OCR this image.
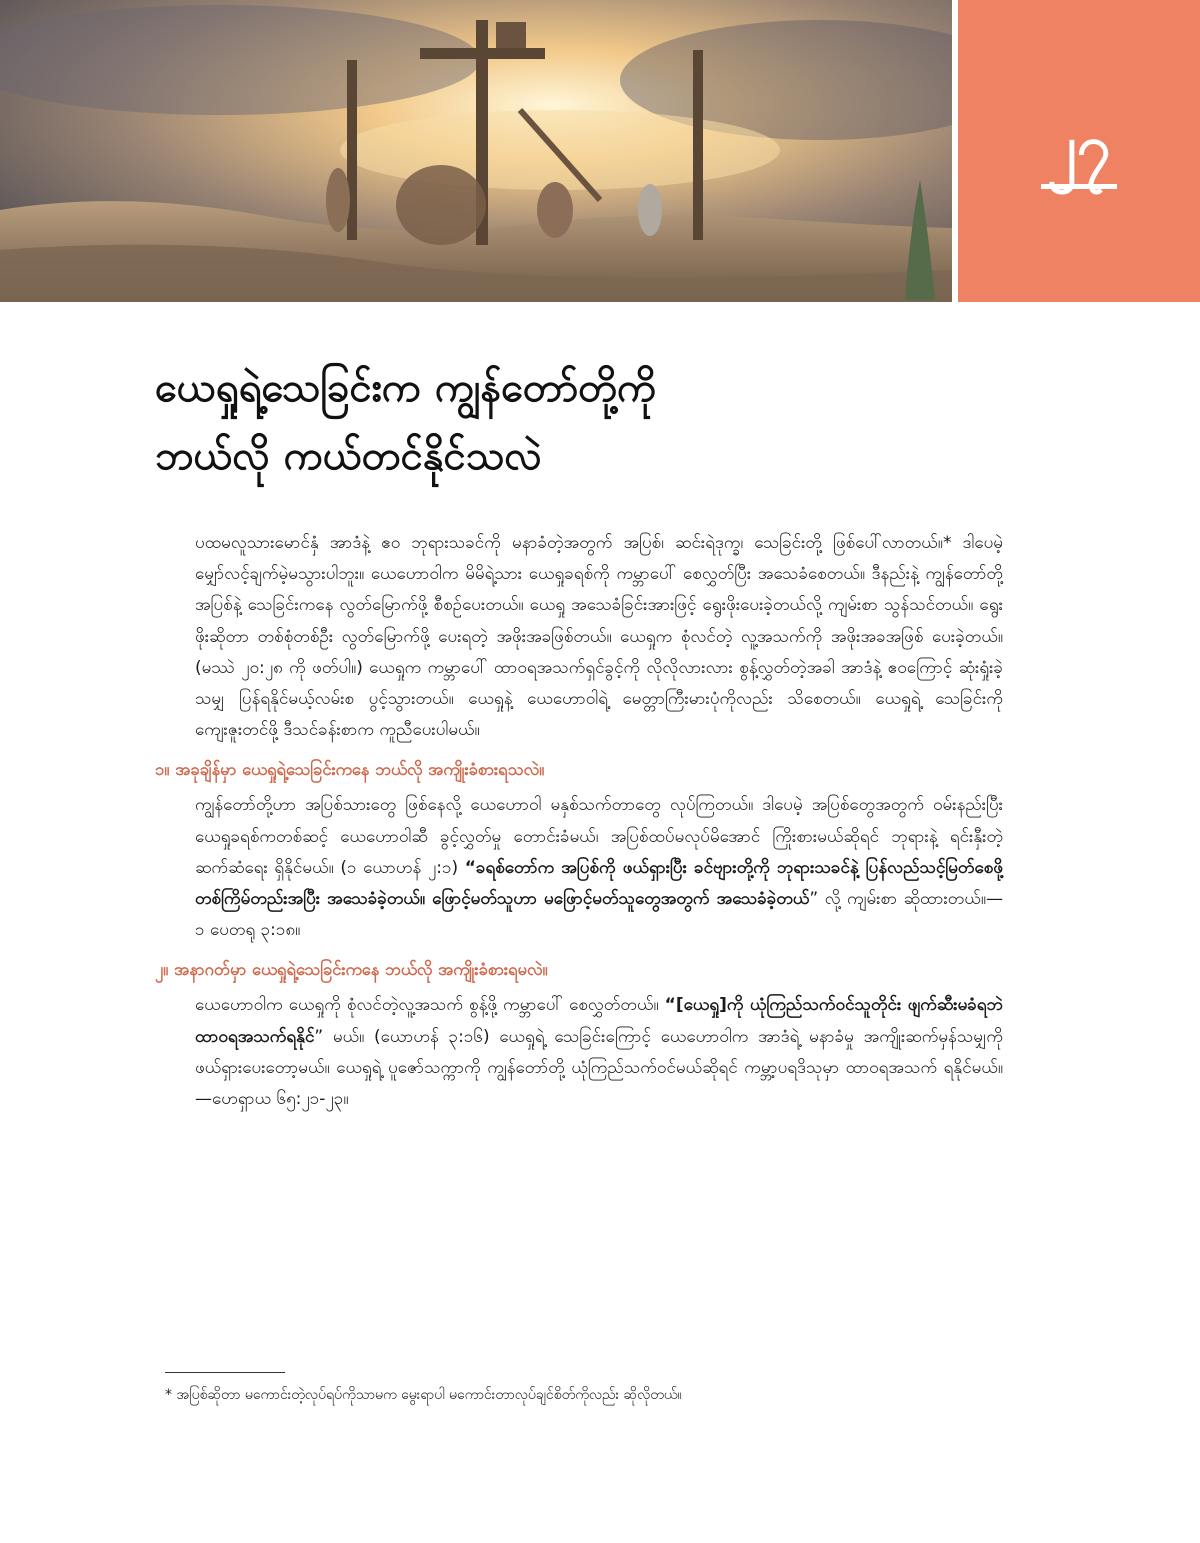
၂၇
ယေရှုရဲ့သေခြင်းက ကျွန်တော်တို့ကို
ဘယ်လို ကယ်တင်နိုင်သလဲ

ပထမလူသားမောင်နှံ အာဒံနဲ့ ဧဝ ဘုရားသခင်ကို မနာခံတဲ့အတွက် အပြစ်၊ ဆင်းရဲဒုက္ခ၊ သေခြင်းတို့ ဖြစ်ပေါ်လာတယ်။* ဒါပေမဲ့ မျှော်လင့်ချက်မဲ့မသွားပါဘူး။ ယေဟောဝါက မိမိရဲ့သား ယေရှုခရစ်ကို ကမ္ဘာပေါ် စေလွှတ်ပြီး အသေခံစေတယ်။ ဒီနည်းနဲ့ ကျွန်တော်တို့ အပြစ်နဲ့ သေခြင်းကနေ လွတ်မြောက်ဖို့ စီစဉ်ပေးတယ်။ ယေရှု အသေခံခြင်းအားဖြင့် ရွေးဖိုးပေးခဲ့တယ်လို့ ကျမ်းစာ သွန်သင်တယ်။ ရွေးဖိုးဆိုတာ တစ်စုံတစ်ဦး လွတ်မြောက်ဖို့ ပေးရတဲ့ အဖိုးအခဖြစ်တယ်။ ယေရှုက စုံလင်တဲ့ လူ့အသက်ကို အဖိုးအခအဖြစ် ပေးခဲ့တယ်။ (မဿဲ ၂၀:၂၈ ကို ဖတ်ပါ။) ယေရှုက ကမ္ဘာပေါ် ထာဝရအသက်ရှင်ခွင့်ကို လိုလိုလားလား စွန့်လွှတ်တဲ့အခါ အာဒံနဲ့ ဧဝကြောင့် ဆုံးရှုံးခဲ့သမျှ ပြန်ရနိုင်မယ့်လမ်းစ ပွင့်သွားတယ်။ ယေရှုနဲ့ ယေဟောဝါရဲ့ မေတ္တာကြီးမားပုံကိုလည်း သိစေတယ်။ ယေရှုရဲ့ သေခြင်းကို ကျေးဇူးတင်ဖို့ ဒီသင်ခန်းစာက ကူညီပေးပါမယ်။

၁။ အခုချိန်မှာ ယေရှုရဲ့သေခြင်းကနေ ဘယ်လို အကျိုးခံစားရသလဲ။

ကျွန်တော်တို့ဟာ အပြစ်သားတွေ ဖြစ်နေလို့ ယေဟောဝါ မနှစ်သက်တာတွေ လုပ်ကြတယ်။ ဒါပေမဲ့ အပြစ်တွေအတွက် ဝမ်းနည်းပြီး ယေရှုခရစ်ကတစ်ဆင့် ယေဟောဝါဆီ ခွင့်လွှတ်မှု တောင်းခံမယ်၊ အပြစ်ထပ်မလုပ်မိအောင် ကြိုးစားမယ်ဆိုရင် ဘုရားနဲ့ ရင်းနှီးတဲ့ဆက်ဆံရေး ရှိနိုင်မယ်။ (၁ ယောဟန် ၂:၁) “ခရစ်တော်က အပြစ်ကို ဖယ်ရှားပြီး ခင်ဗျားတို့ကို ဘုရားသခင်နဲ့ ပြန်လည်သင့်မြတ်စေဖို့ တစ်ကြိမ်တည်းအပြီး အသေခံခဲ့တယ်။ ဖြောင့်မတ်သူဟာ မဖြောင့်မတ်သူတွေအတွက် အသေခံခဲ့တယ်” လို့ ကျမ်းစာ ဆိုထားတယ်။—၁ ပေတရု ၃:၁၈။

၂။ အနာဂတ်မှာ ယေရှုရဲ့သေခြင်းကနေ ဘယ်လို အကျိုးခံစားရမလဲ။

ယေဟောဝါက ယေရှုကို စုံလင်တဲ့လူ့အသက် စွန့်ဖို့ ကမ္ဘာပေါ် စေလွှတ်တယ်။ “[ယေရှု]ကို ယုံကြည်သက်ဝင်သူတိုင်း ဖျက်ဆီးမခံရဘဲ ထာဝရအသက်ရနိုင်” မယ်။ (ယောဟန် ၃:၁၆) ယေရှုရဲ့ သေခြင်းကြောင့် ယေဟောဝါက အာဒံရဲ့ မနာခံမှု အကျိုးဆက်မှန်သမျှကို ဖယ်ရှားပေးတော့မယ်။ ယေရှုရဲ့ ပူဇော်သက္ကာကို ကျွန်တော်တို့ ယုံကြည်သက်ဝင်မယ်ဆိုရင် ကမ္ဘာ့ပရဒိသုမှာ ထာဝရအသက် ရနိုင်မယ်။—ဟေရှာယ ၆၅:၂၁-၂၃။

* အပြစ်ဆိုတာ မကောင်းတဲ့လုပ်ရပ်ကိုသာမက မွေးရာပါ မကောင်းတာလုပ်ချင်စိတ်ကိုလည်း ဆိုလိုတယ်။
